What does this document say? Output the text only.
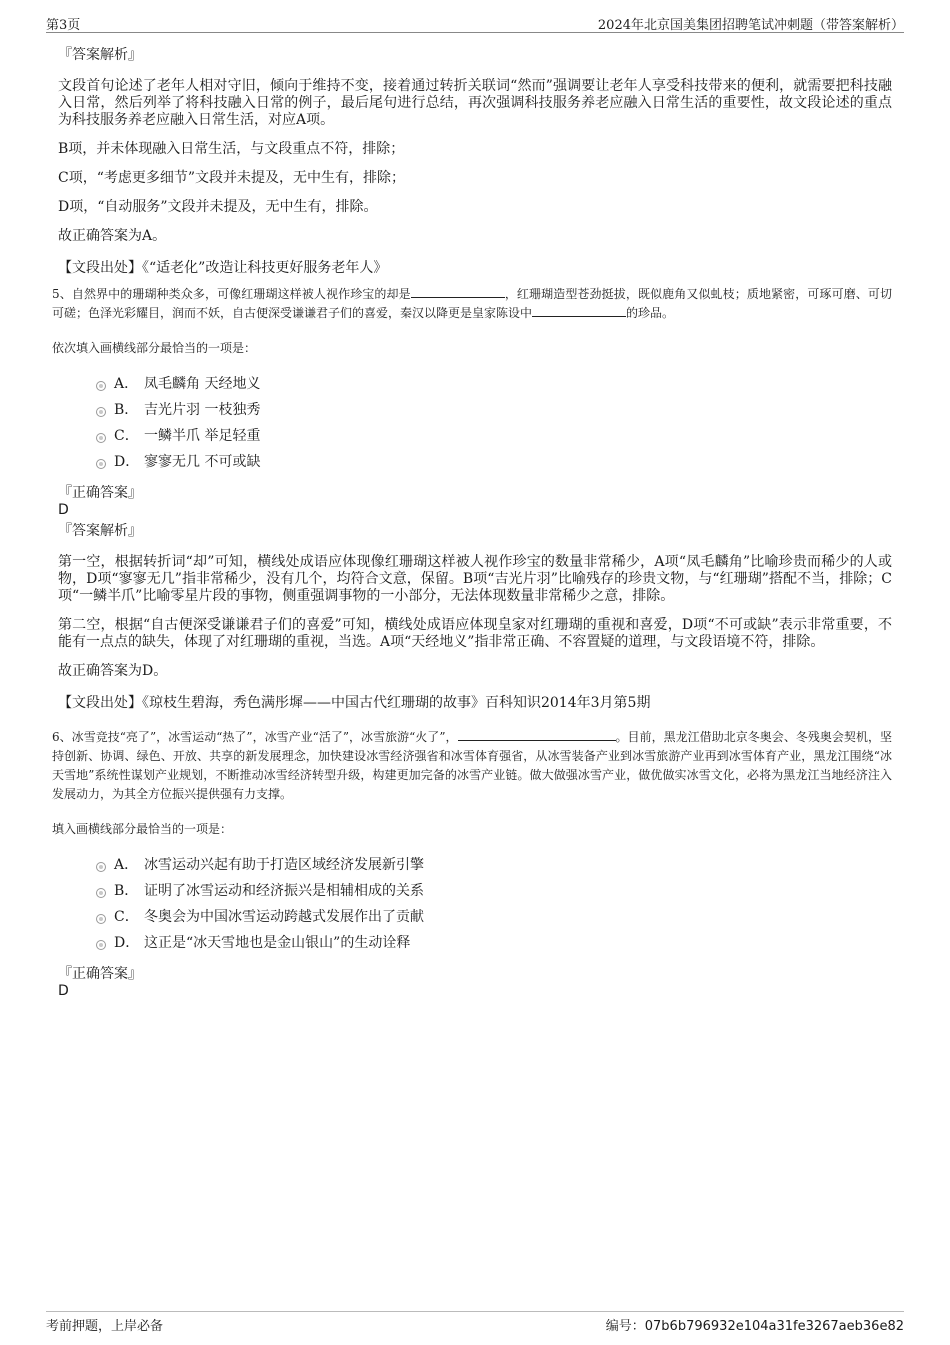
第3页	2024年北京国美集团招聘笔试冲刺题（带答案解析）
『答案解析』

文段首句论述了老年人相对守旧，倾向于维持不变，接着通过转折关联词“然而”强调要让老年人享受科技带来的便利，就需要把科技融入日常，然后列举了将科技融入日常的例子，最后尾句进行总结，再次强调科技服务养老应融入日常生活的重要性，故文段论述的重点为科技服务养老应融入日常生活，对应A项。

B项，并未体现融入日常生活，与文段重点不符，排除；

C项，“考虑更多细节”文段并未提及，无中生有，排除；

D项，“自动服务”文段并未提及，无中生有，排除。

故正确答案为A。

【文段出处】《“适老化”改造让科技更好服务老年人》
5、自然界中的珊瑚种类众多，可像红珊瑚这样被人视作珍宝的却是	，红珊瑚造型苍劲挺拔，既似鹿角又似虬枝；质地紧密，可琢可磨、可切可磋；色泽光彩耀目，润而不妖，自古便深受谦谦君子们的喜爱，秦汉以降更是皇家陈设中	的珍品。
依次填入画横线部分最恰当的一项是：
A． 凤毛麟角 天经地义
B． 吉光片羽 一枝独秀
C． 一鳞半爪 举足轻重
D． 寥寥无几 不可或缺
『正确答案』
D
『答案解析』

第一空，根据转折词“却”可知，横线处成语应体现像红珊瑚这样被人视作珍宝的数量非常稀少，A项“凤毛麟角”比喻珍贵而稀少的人或物，D项“寥寥无几”指非常稀少，没有几个，均符合文意，保留。B项“吉光片羽”比喻残存的珍贵文物，与“红珊瑚”搭配不当，排除；C项“一鳞半爪”比喻零星片段的事物，侧重强调事物的一小部分，无法体现数量非常稀少之意，排除。

第二空，根据“自古便深受谦谦君子们的喜爱”可知，横线处成语应体现皇家对红珊瑚的重视和喜爱，D项“不可或缺”表示非常重要，不能有一点点的缺失，体现了对红珊瑚的重视，当选。A项“天经地义”指非常正确、不容置疑的道理，与文段语境不符，排除。

故正确答案为D。

【文段出处】《琼枝生碧海，秀色满彤墀——中国古代红珊瑚的故事》百科知识2014年3月第5期
6、冰雪竞技“亮了”，冰雪运动“热了”，冰雪产业“活了”，冰雪旅游“火了”，	。目前，黑龙江借助北京冬奥会、冬残奥会契机，坚持创新、协调、绿色、开放、共享的新发展理念，加快建设冰雪经济强省和冰雪体育强省，从冰雪装备产业到冰雪旅游产业再到冰雪体育产业，黑龙江围绕“冰天雪地”系统性谋划产业规划，不断推动冰雪经济转型升级，构建更加完备的冰雪产业链。做大做强冰雪产业，做优做实冰雪文化，必将为黑龙江当地经济注入发展动力，为其全方位振兴提供强有力支撑。
填入画横线部分最恰当的一项是：
A． 冰雪运动兴起有助于打造区域经济发展新引擎
B． 证明了冰雪运动和经济振兴是相辅相成的关系
C． 冬奥会为中国冰雪运动跨越式发展作出了贡献
D． 这正是“冰天雪地也是金山银山”的生动诠释
『正确答案』
D
考前押题，上岸必备	编号：07b6b796932e104a31fe3267aeb36e82
